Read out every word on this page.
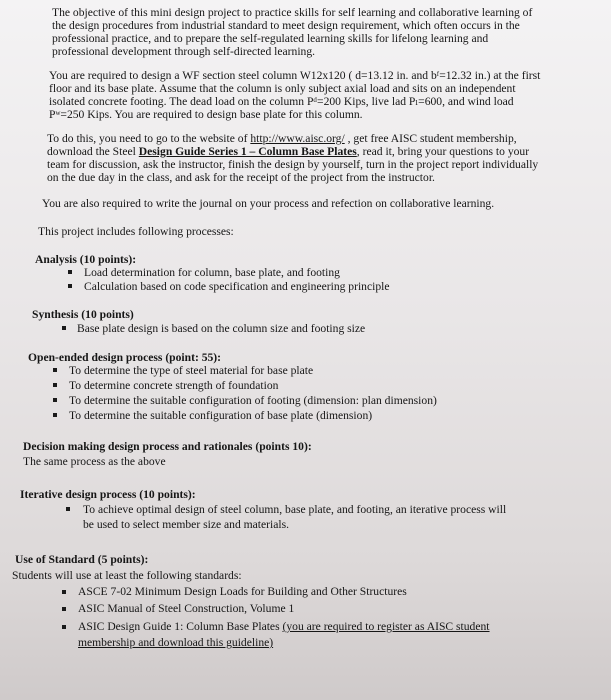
The objective of this mini design project to practice skills for self learning and collaborative learning of
the design procedures from industrial standard to meet design requirement, which often occurs in the
professional practice, and to prepare the self-regulated learning skills for lifelong learning and
professional development through self-directed learning.
You are required to design a WF section steel column W12x120 ( d=13.12 in. and bᶠ=12.32 in.) at the first
floor and its base plate. Assume that the column is only subject axial load and sits on an independent
isolated concrete footing. The dead load on the column Pᵈ=200 Kips, live lad Pₗ=600, and wind load
Pʷ=250 Kips. You are required to design base plate for this column.
To do this, you need to go to the website of http://www.aisc.org/ , get free AISC student membership,
download the Steel Design Guide Series 1 – Column Base Plates, read it, bring your questions to your
team for discussion, ask the instructor, finish the design by yourself, turn in the project report individually
on the due day in the class, and ask for the receipt of the project from the instructor.
You are also required to write the journal on your process and refection on collaborative learning.
This project includes following processes:
Analysis (10 points):
Load determination for column, base plate, and footing
Calculation based on code specification and engineering principle
Synthesis (10 points)
Base plate design is based on the column size and footing size
Open-ended design process (point: 55):
To determine the type of steel material for base plate
To determine concrete strength of foundation
To determine the suitable configuration of footing (dimension: plan dimension)
To determine the suitable configuration of base plate (dimension)
Decision making design process and rationales (points 10):
The same process as the above
Iterative design process (10 points):
To achieve optimal design of steel column, base plate, and footing, an iterative process will
be used to select member size and materials.
Use of Standard (5 points):
Students will use at least the following standards:
ASCE 7-02 Minimum Design Loads for Building and Other Structures
ASIC Manual of Steel Construction, Volume 1
ASIC Design Guide 1: Column Base Plates (you are required to register as AISC student
membership and download this guideline)
